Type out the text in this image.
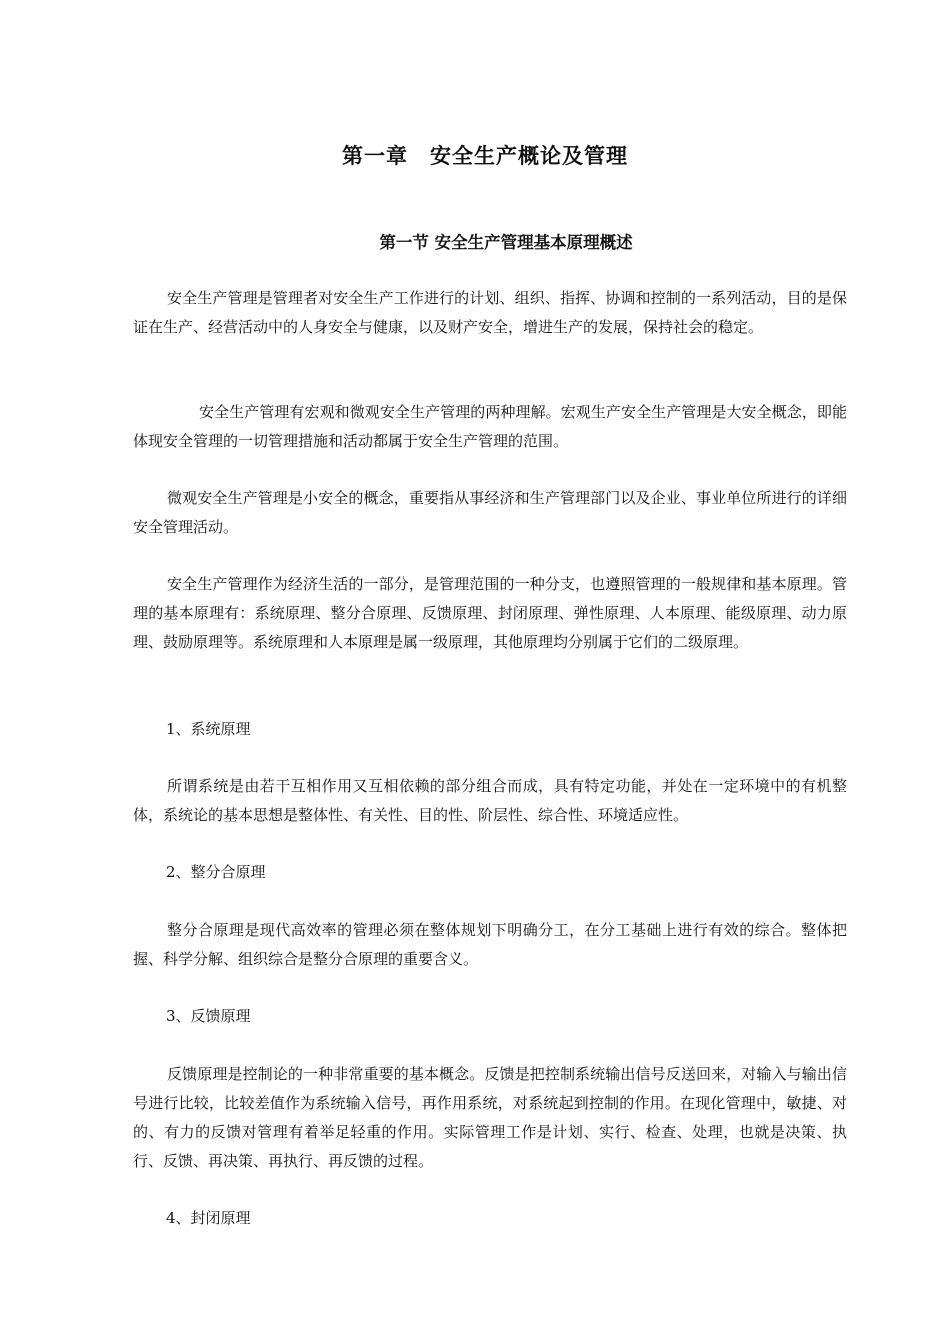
第一章　安全生产概论及管理
第一节 安全生产管理基本原理概述

安全生产管理是管理者对安全生产工作进行的计划、组织、指挥、协调和控制的一系列活动，目的是保证在生产、经营活动中的人身安全与健康，以及财产安全，增进生产的发展，保持社会的稳定。

安全生产管理有宏观和微观安全生产管理的两种理解。宏观生产安全生产管理是大安全概念，即能体现安全管理的一切管理措施和活动都属于安全生产管理的范围。

微观安全生产管理是小安全的概念，重要指从事经济和生产管理部门以及企业、事业单位所进行的详细安全管理活动。

安全生产管理作为经济生活的一部分，是管理范围的一种分支，也遵照管理的一般规律和基本原理。管理的基本原理有：系统原理、整分合原理、反馈原理、封闭原理、弹性原理、人本原理、能级原理、动力原理、鼓励原理等。系统原理和人本原理是属一级原理，其他原理均分别属于它们的二级原理。

1、系统原理

所谓系统是由若干互相作用又互相依赖的部分组合而成，具有特定功能，并处在一定环境中的有机整体，系统论的基本思想是整体性、有关性、目的性、阶层性、综合性、环境适应性。

2、整分合原理

整分合原理是现代高效率的管理必须在整体规划下明确分工，在分工基础上进行有效的综合。整体把握、科学分解、组织综合是整分合原理的重要含义。

3、反馈原理

反馈原理是控制论的一种非常重要的基本概念。反馈是把控制系统输出信号反送回来，对输入与输出信号进行比较，比较差值作为系统输入信号，再作用系统，对系统起到控制的作用。在现化管理中，敏捷、对的、有力的反馈对管理有着举足轻重的作用。实际管理工作是计划、实行、检查、处理，也就是决策、执行、反馈、再决策、再执行、再反馈的过程。

4、封闭原理
